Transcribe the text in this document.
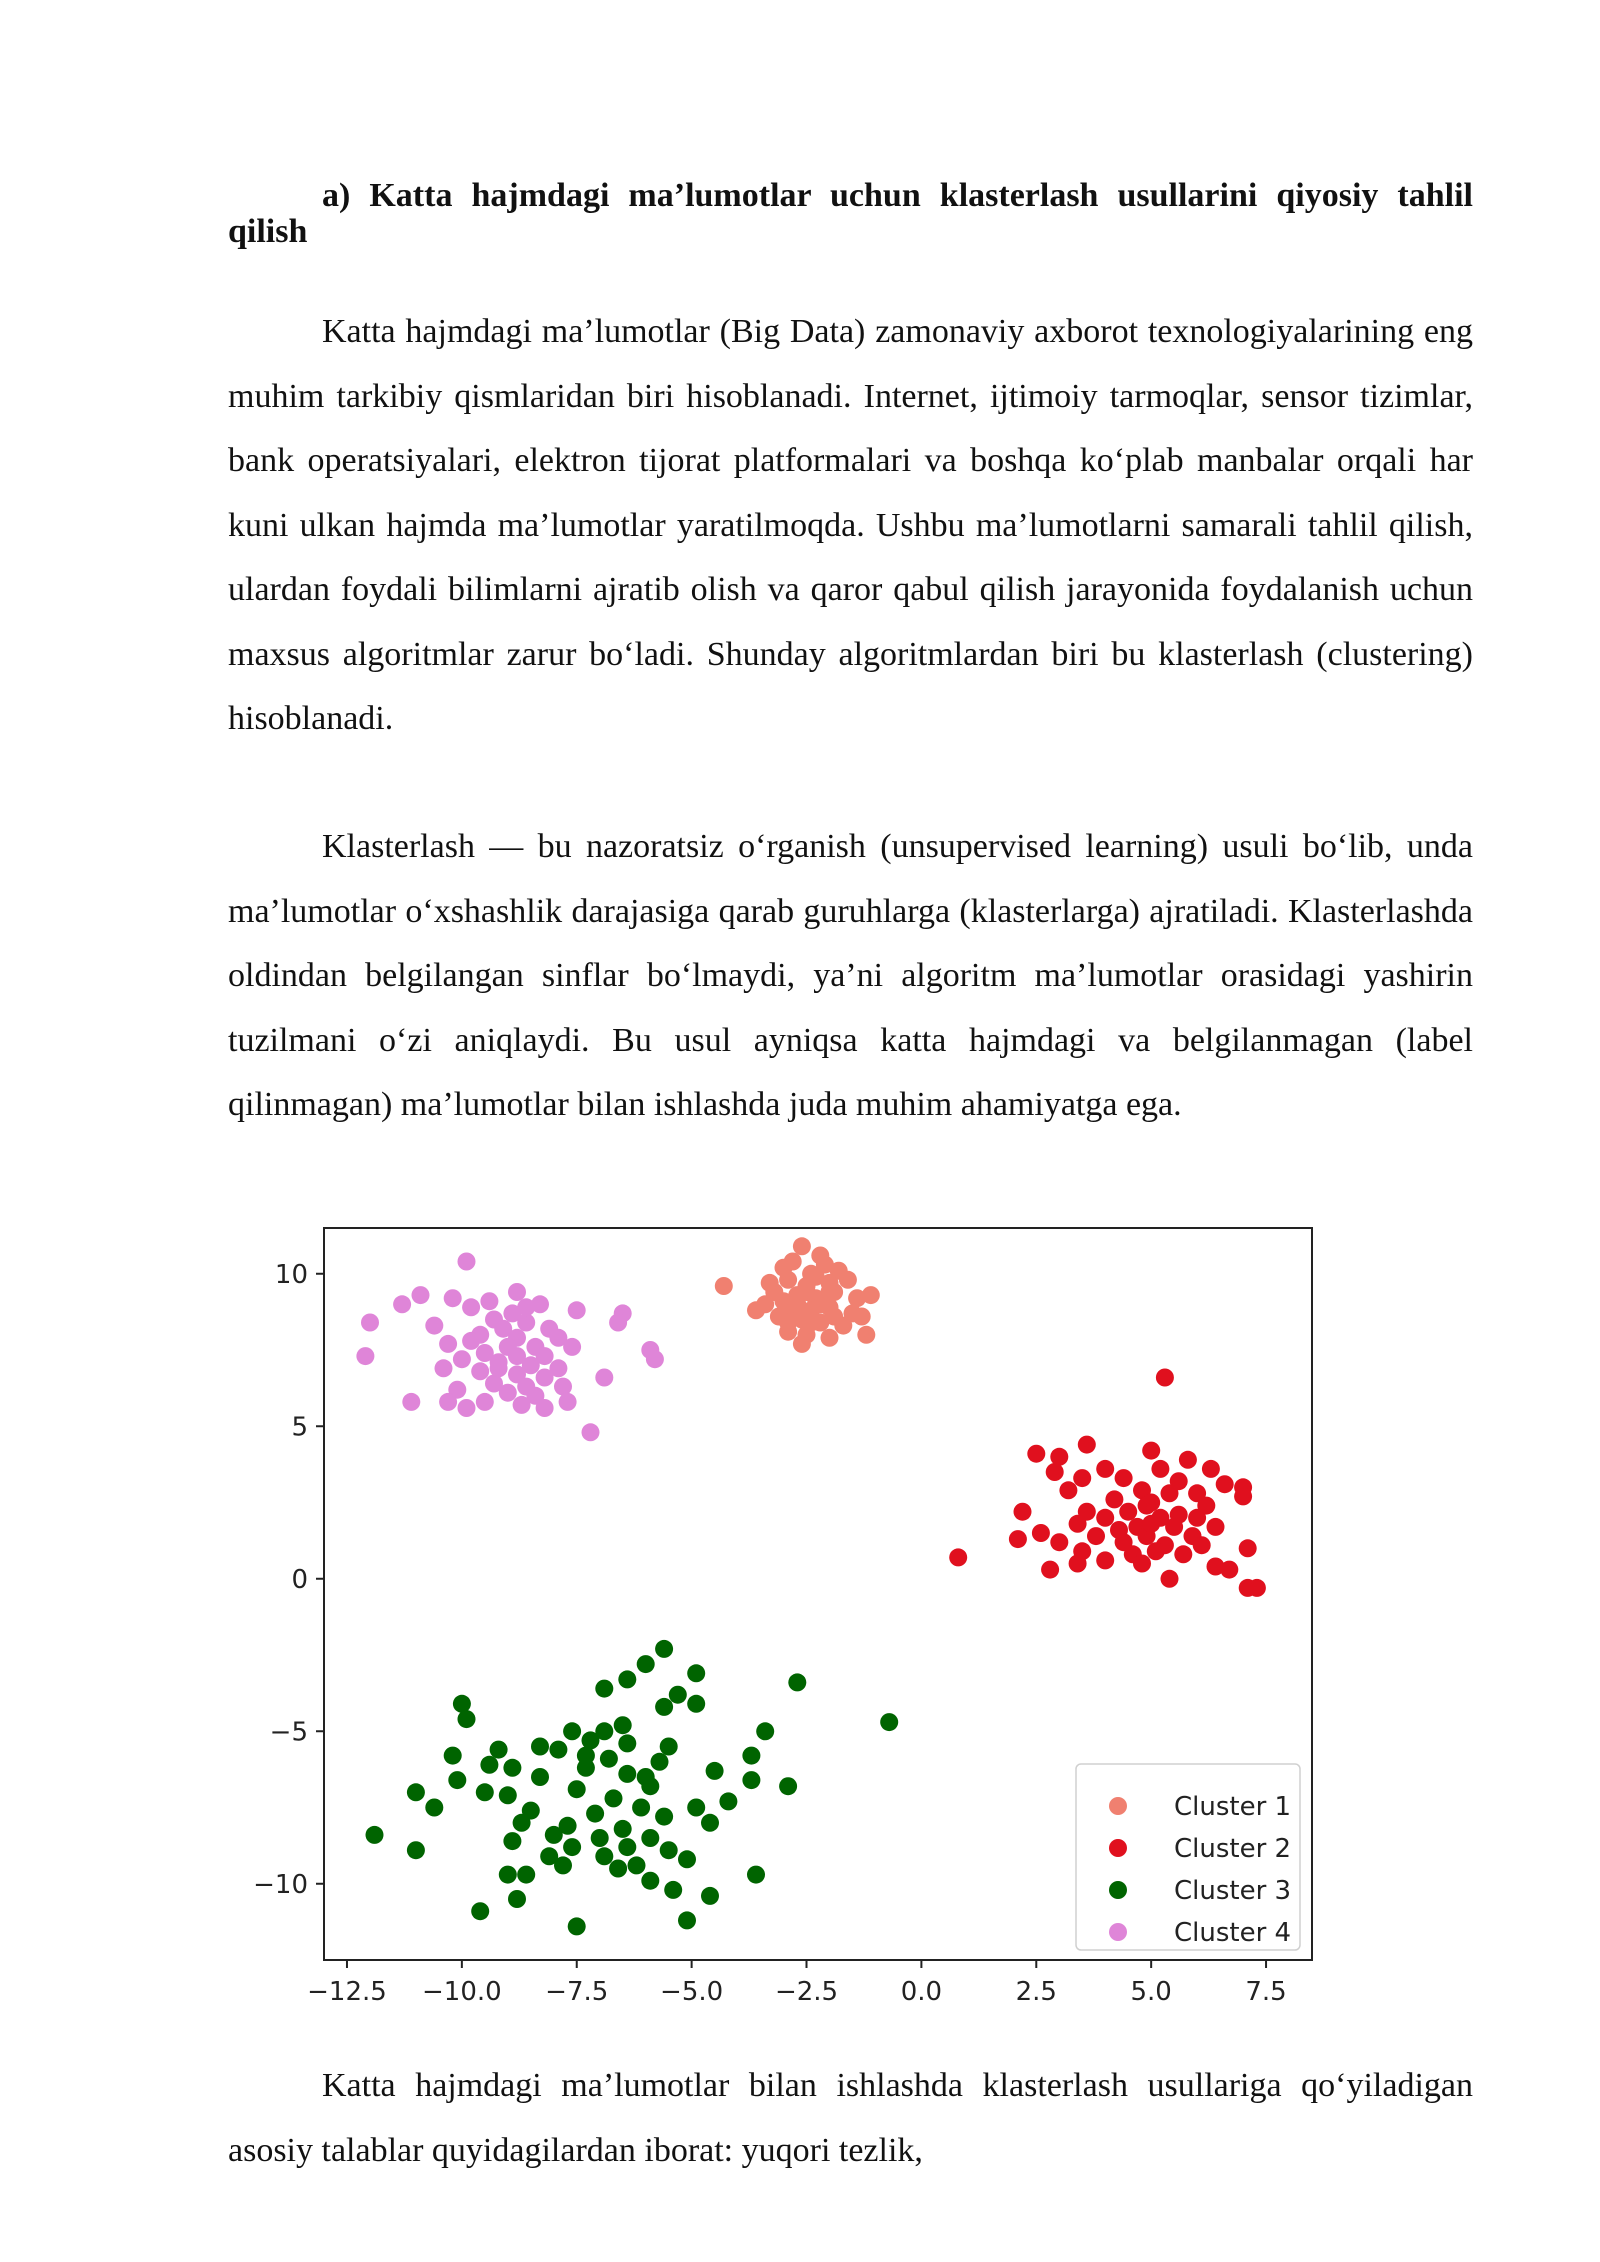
a) Katta hajmdagi ma’lumotlar uchun klasterlash usullarini qiyosiy tahlil qilish

Katta hajmdagi ma’lumotlar (Big Data) zamonaviy axborot texnologiyalarining eng muhim tarkibiy qismlaridan biri hisoblanadi. Internet, ijtimoiy tarmoqlar, sensor tizimlar, bank operatsiyalari, elektron tijorat platformalari va boshqa ko‘plab manbalar orqali har kuni ulkan hajmda ma’lumotlar yaratilmoqda. Ushbu ma’lumotlarni samarali tahlil qilish, ulardan foydali bilimlarni ajratib olish va qaror qabul qilish jarayonida foydalanish uchun maxsus algoritmlar zarur bo‘ladi. Shunday algoritmlardan biri bu klasterlash (clustering) hisoblanadi.

Klasterlash — bu nazoratsiz o‘rganish (unsupervised learning) usuli bo‘lib, unda ma’lumotlar o‘xshashlik darajasiga qarab guruhlarga (klasterlarga) ajratiladi. Klasterlashda oldindan belgilangan sinflar bo‘lmaydi, ya’ni algoritm ma’lumotlar orasidagi yashirin tuzilmani o‘zi aniqlaydi. Bu usul ayniqsa katta hajmdagi va belgilanmagan (label qilinmagan) ma’lumotlar bilan ishlashda juda muhim ahamiyatga ega.

−12.5 −10.0 −7.5 −5.0 −2.5 0.0	2.5	5.0	7.5
10
5
0
−5
−10
Cluster 1
Cluster 2
Cluster 3
Cluster 4

Katta hajmdagi ma’lumotlar bilan ishlashda klasterlash usullariga qo‘yiladigan asosiy talablar quyidagilardan iborat: yuqori tezlik,
